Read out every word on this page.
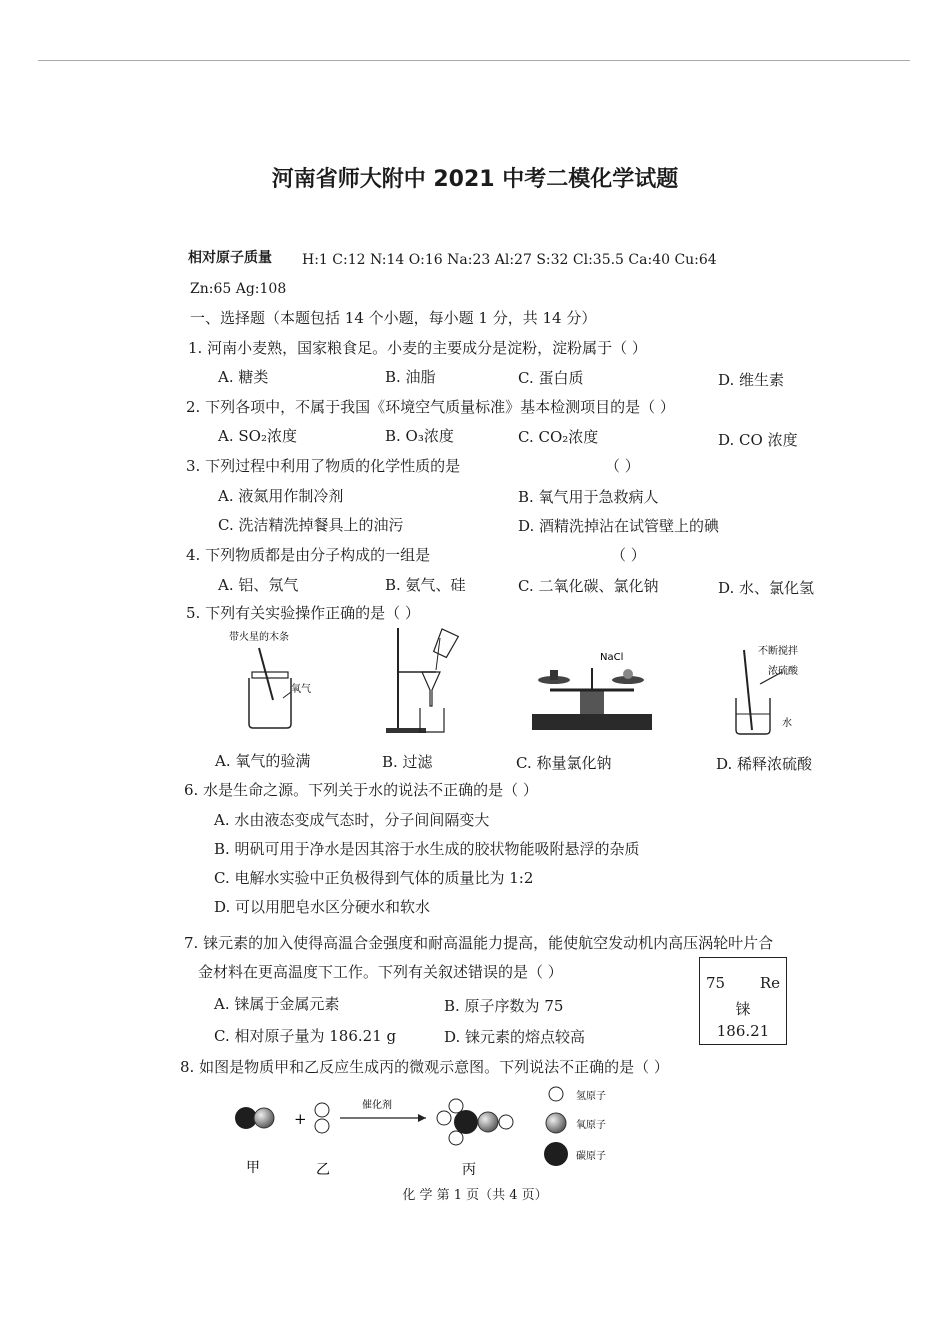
河南省师大附中 2021 中考二模化学试题
相对原子质量 H:1 C:12 N:14 O:16 Na:23 Al:27 S:32 Cl:35.5 Ca:40 Cu:64
Zn:65 Ag:108
一、选择题（本题包括 14 个小题，每小题 1 分，共 14 分）
1. 河南小麦熟，国家粮食足。小麦的主要成分是淀粉，淀粉属于（ ）
A. 糖类	B. 油脂	C. 蛋白质	D. 维生素
2. 下列各项中，不属于我国《环境空气质量标准》基本检测项目的是（ ）
A. SO₂浓度	B. O₃浓度	C. CO₂浓度	D. CO 浓度
3. 下列过程中利用了物质的化学性质的是	（ ）
A. 液氮用作制冷剂	B. 氧气用于急救病人
C. 洗洁精洗掉餐具上的油污	D. 酒精洗掉沾在试管壁上的碘
4. 下列物质都是由分子构成的一组是	（ ）
A. 铝、氖气	B. 氨气、硅	C. 二氧化碳、氯化钠	D. 水、氯化氢
5. 下列有关实验操作正确的是（ ）
带火星的木条
氧气
NaCl
不断搅拌
浓硫酸
水
A. 氧气的验满	B. 过滤	C. 称量氯化钠	D. 稀释浓硫酸
6. 水是生命之源。下列关于水的说法不正确的是（ ）
A. 水由液态变成气态时，分子间间隔变大
B. 明矾可用于净水是因其溶于水生成的胶状物能吸附悬浮的杂质
C. 电解水实验中正负极得到气体的质量比为 1:2
D. 可以用肥皂水区分硬水和软水
7. 铼元素的加入使得高温合金强度和耐高温能力提高，能使航空发动机内高压涡轮叶片合
金材料在更高温度下工作。下列有关叙述错误的是（ ）
A. 铼属于金属元素	B. 原子序数为 75
C. 相对原子量为 186.21 g	D. 铼元素的熔点较高
75 Re
铼
186.21
8. 如图是物质甲和乙反应生成丙的微观示意图。下列说法不正确的是（ ）
+
催化剂
甲	乙	丙
氢原子
氧原子
碳原子
化 学 第 1 页（共 4 页）
